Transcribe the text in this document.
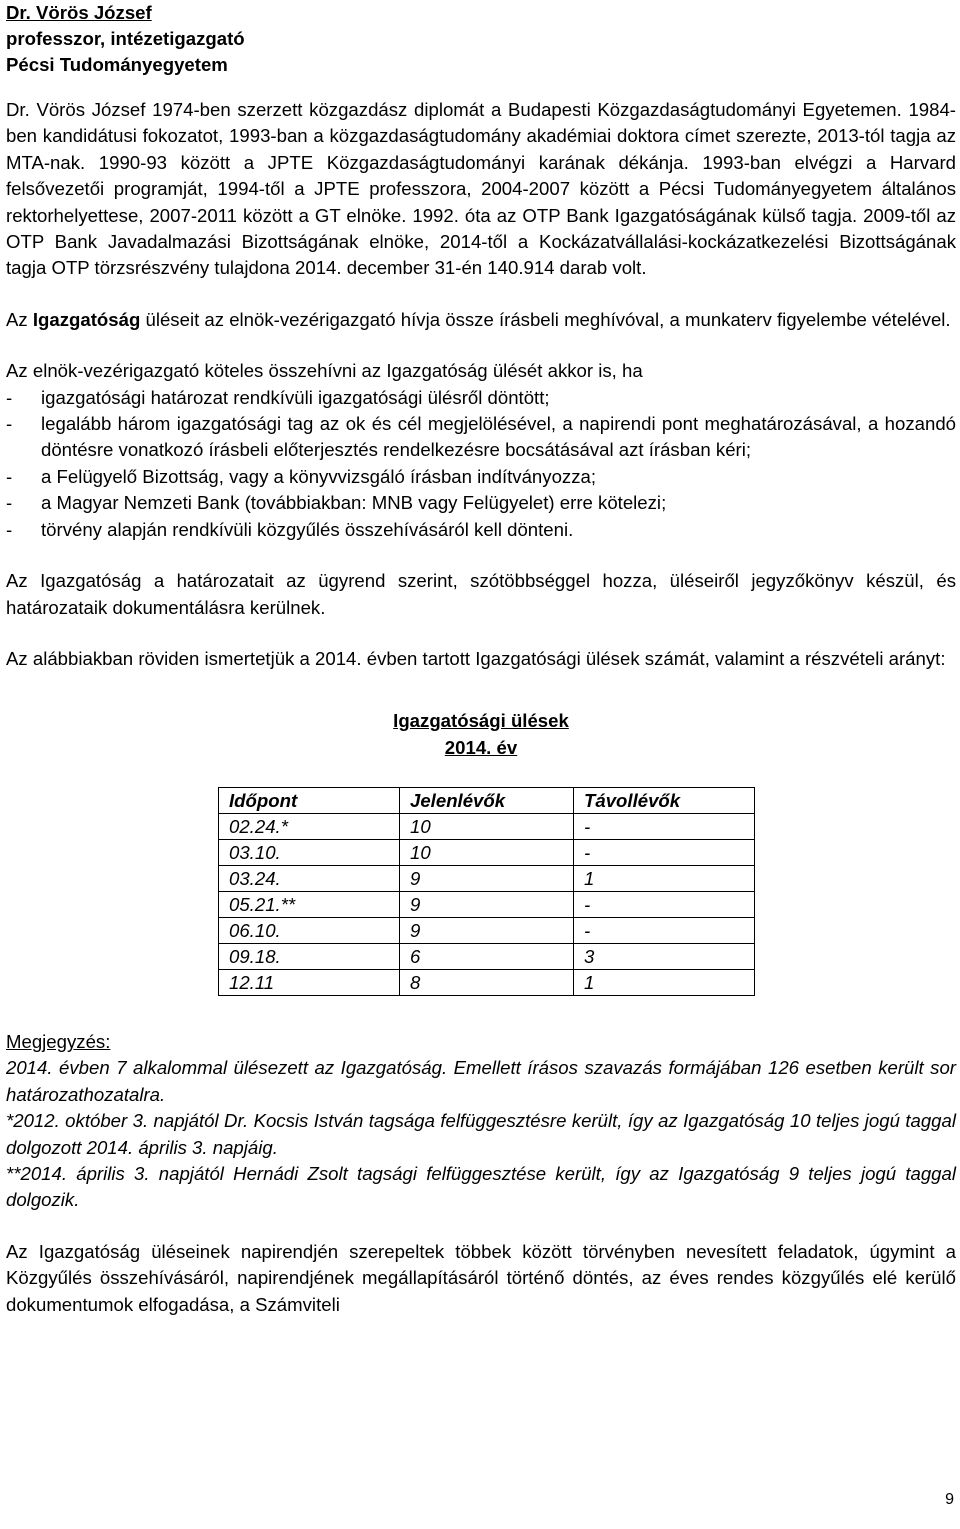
Dr. Vörös József
professzor, intézetigazgató
Pécsi Tudományegyetem

Dr. Vörös József 1974-ben szerzett közgazdász diplomát a Budapesti Közgazdaságtudományi Egyetemen. 1984-ben kandidátusi fokozatot, 1993-ban a közgazdaságtudomány akadémiai doktora címet szerezte, 2013-tól tagja az MTA-nak. 1990-93 között a JPTE Közgazdaságtudományi karának dékánja. 1993-ban elvégzi a Harvard felsővezetői programját, 1994-től a JPTE professzora, 2004-2007 között a Pécsi Tudományegyetem általános rektorhelyettese, 2007-2011 között a GT elnöke. 1992. óta az OTP Bank Igazgatóságának külső tagja. 2009-től az OTP Bank Javadalmazási Bizottságának elnöke, 2014-től a Kockázatvállalási-kockázatkezelési Bizottságának tagja OTP törzsrészvény tulajdona 2014. december 31-én 140.914 darab volt.

Az Igazgatóság üléseit az elnök-vezérigazgató hívja össze írásbeli meghívóval, a munkaterv figyelembe vételével.

Az elnök-vezérigazgató köteles összehívni az Igazgatóság ülését akkor is, ha

-	igazgatósági határozat rendkívüli igazgatósági ülésről döntött;
-	legalább három igazgatósági tag az ok és cél megjelölésével, a napirendi pont meghatározásával, a hozandó döntésre vonatkozó írásbeli előterjesztés rendelkezésre bocsátásával azt írásban kéri;
-	a Felügyelő Bizottság, vagy a könyvvizsgáló írásban indítványozza;
-	a Magyar Nemzeti Bank (továbbiakban: MNB vagy Felügyelet) erre kötelezi;
-	törvény alapján rendkívüli közgyűlés összehívásáról kell dönteni.

Az Igazgatóság a határozatait az ügyrend szerint, szótöbbséggel hozza, üléseiről jegyzőkönyv készül, és határozataik dokumentálásra kerülnek.

Az alábbiakban röviden ismertetjük a 2014. évben tartott Igazgatósági ülések számát, valamint a részvételi arányt:

Igazgatósági ülések
2014. év
Időpont	Jelenlévők	Távollévők
02.24.*	10	-
03.10.	10	-
03.24.	9	1
05.21.**	9	-
06.10.	9	-
09.18.	6	3
12.11	8	1
Megjegyzés:

2014. évben 7 alkalommal ülésezett az Igazgatóság. Emellett írásos szavazás formájában 126 esetben került sor határozathozatalra.

*2012. október 3. napjától Dr. Kocsis István tagsága felfüggesztésre került, így az Igazgatóság 10 teljes jogú taggal dolgozott 2014. április 3. napjáig.

**2014. április 3. napjától Hernádi Zsolt tagsági felfüggesztése került, így az Igazgatóság 9 teljes jogú taggal dolgozik.

Az Igazgatóság üléseinek napirendjén szerepeltek többek között törvényben nevesített feladatok, úgymint a Közgyűlés összehívásáról, napirendjének megállapításáról történő döntés, az éves rendes közgyűlés elé kerülő dokumentumok elfogadása, a Számviteli

9
